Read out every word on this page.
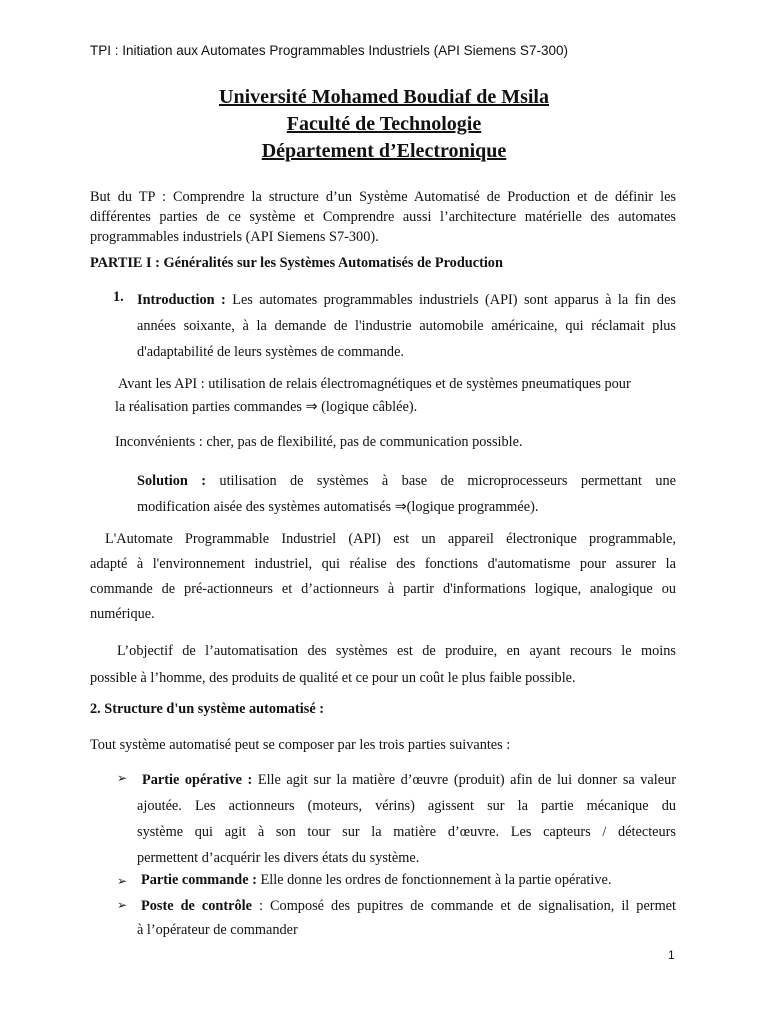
TPI : Initiation aux Automates Programmables Industriels (API Siemens S7-300)
Université Mohamed Boudiaf de Msila
Faculté de Technologie
Département d’Electronique
But du TP : Comprendre la structure d’un Système Automatisé de Production et de définir les
différentes parties de ce système et Comprendre aussi l’architecture matérielle des automates
programmables industriels (API Siemens S7-300).
PARTIE I : Généralités sur les Systèmes Automatisés de Production
1. Introduction : Les automates programmables industriels (API) sont apparus à la fin des
années soixante, à la demande de l'industrie automobile américaine, qui réclamait plus
d'adaptabilité de leurs systèmes de commande.
Avant les API : utilisation de relais électromagnétiques et de systèmes pneumatiques pour
la réalisation parties commandes ⇒ (logique câblée).
Inconvénients : cher, pas de flexibilité, pas de communication possible.
Solution : utilisation de systèmes à base de microprocesseurs permettant une
modification aisée des systèmes automatisés ⇒(logique programmée).
L'Automate Programmable Industriel (API) est un appareil électronique programmable,
adapté à l'environnement industriel, qui réalise des fonctions d'automatisme pour assurer la
commande de pré-actionneurs et d’actionneurs à partir d'informations logique, analogique ou
numérique.
L’objectif de l’automatisation des systèmes est de produire, en ayant recours le moins
possible à l’homme, des produits de qualité et ce pour un coût le plus faible possible.
2. Structure d'un système automatisé :
Tout système automatisé peut se composer par les trois parties suivantes :
➢	Partie opérative : Elle agit sur la matière d’œuvre (produit) afin de lui donner sa valeur
ajoutée. Les actionneurs (moteurs, vérins) agissent sur la partie mécanique du
système qui agit à son tour sur la matière d’œuvre. Les capteurs / détecteurs
permettent d’acquérir les divers états du système.
➢ Partie commande : Elle donne les ordres de fonctionnement à la partie opérative.
➢ Poste de contrôle : Composé des pupitres de commande et de signalisation, il permet
à l’opérateur de commander
1
